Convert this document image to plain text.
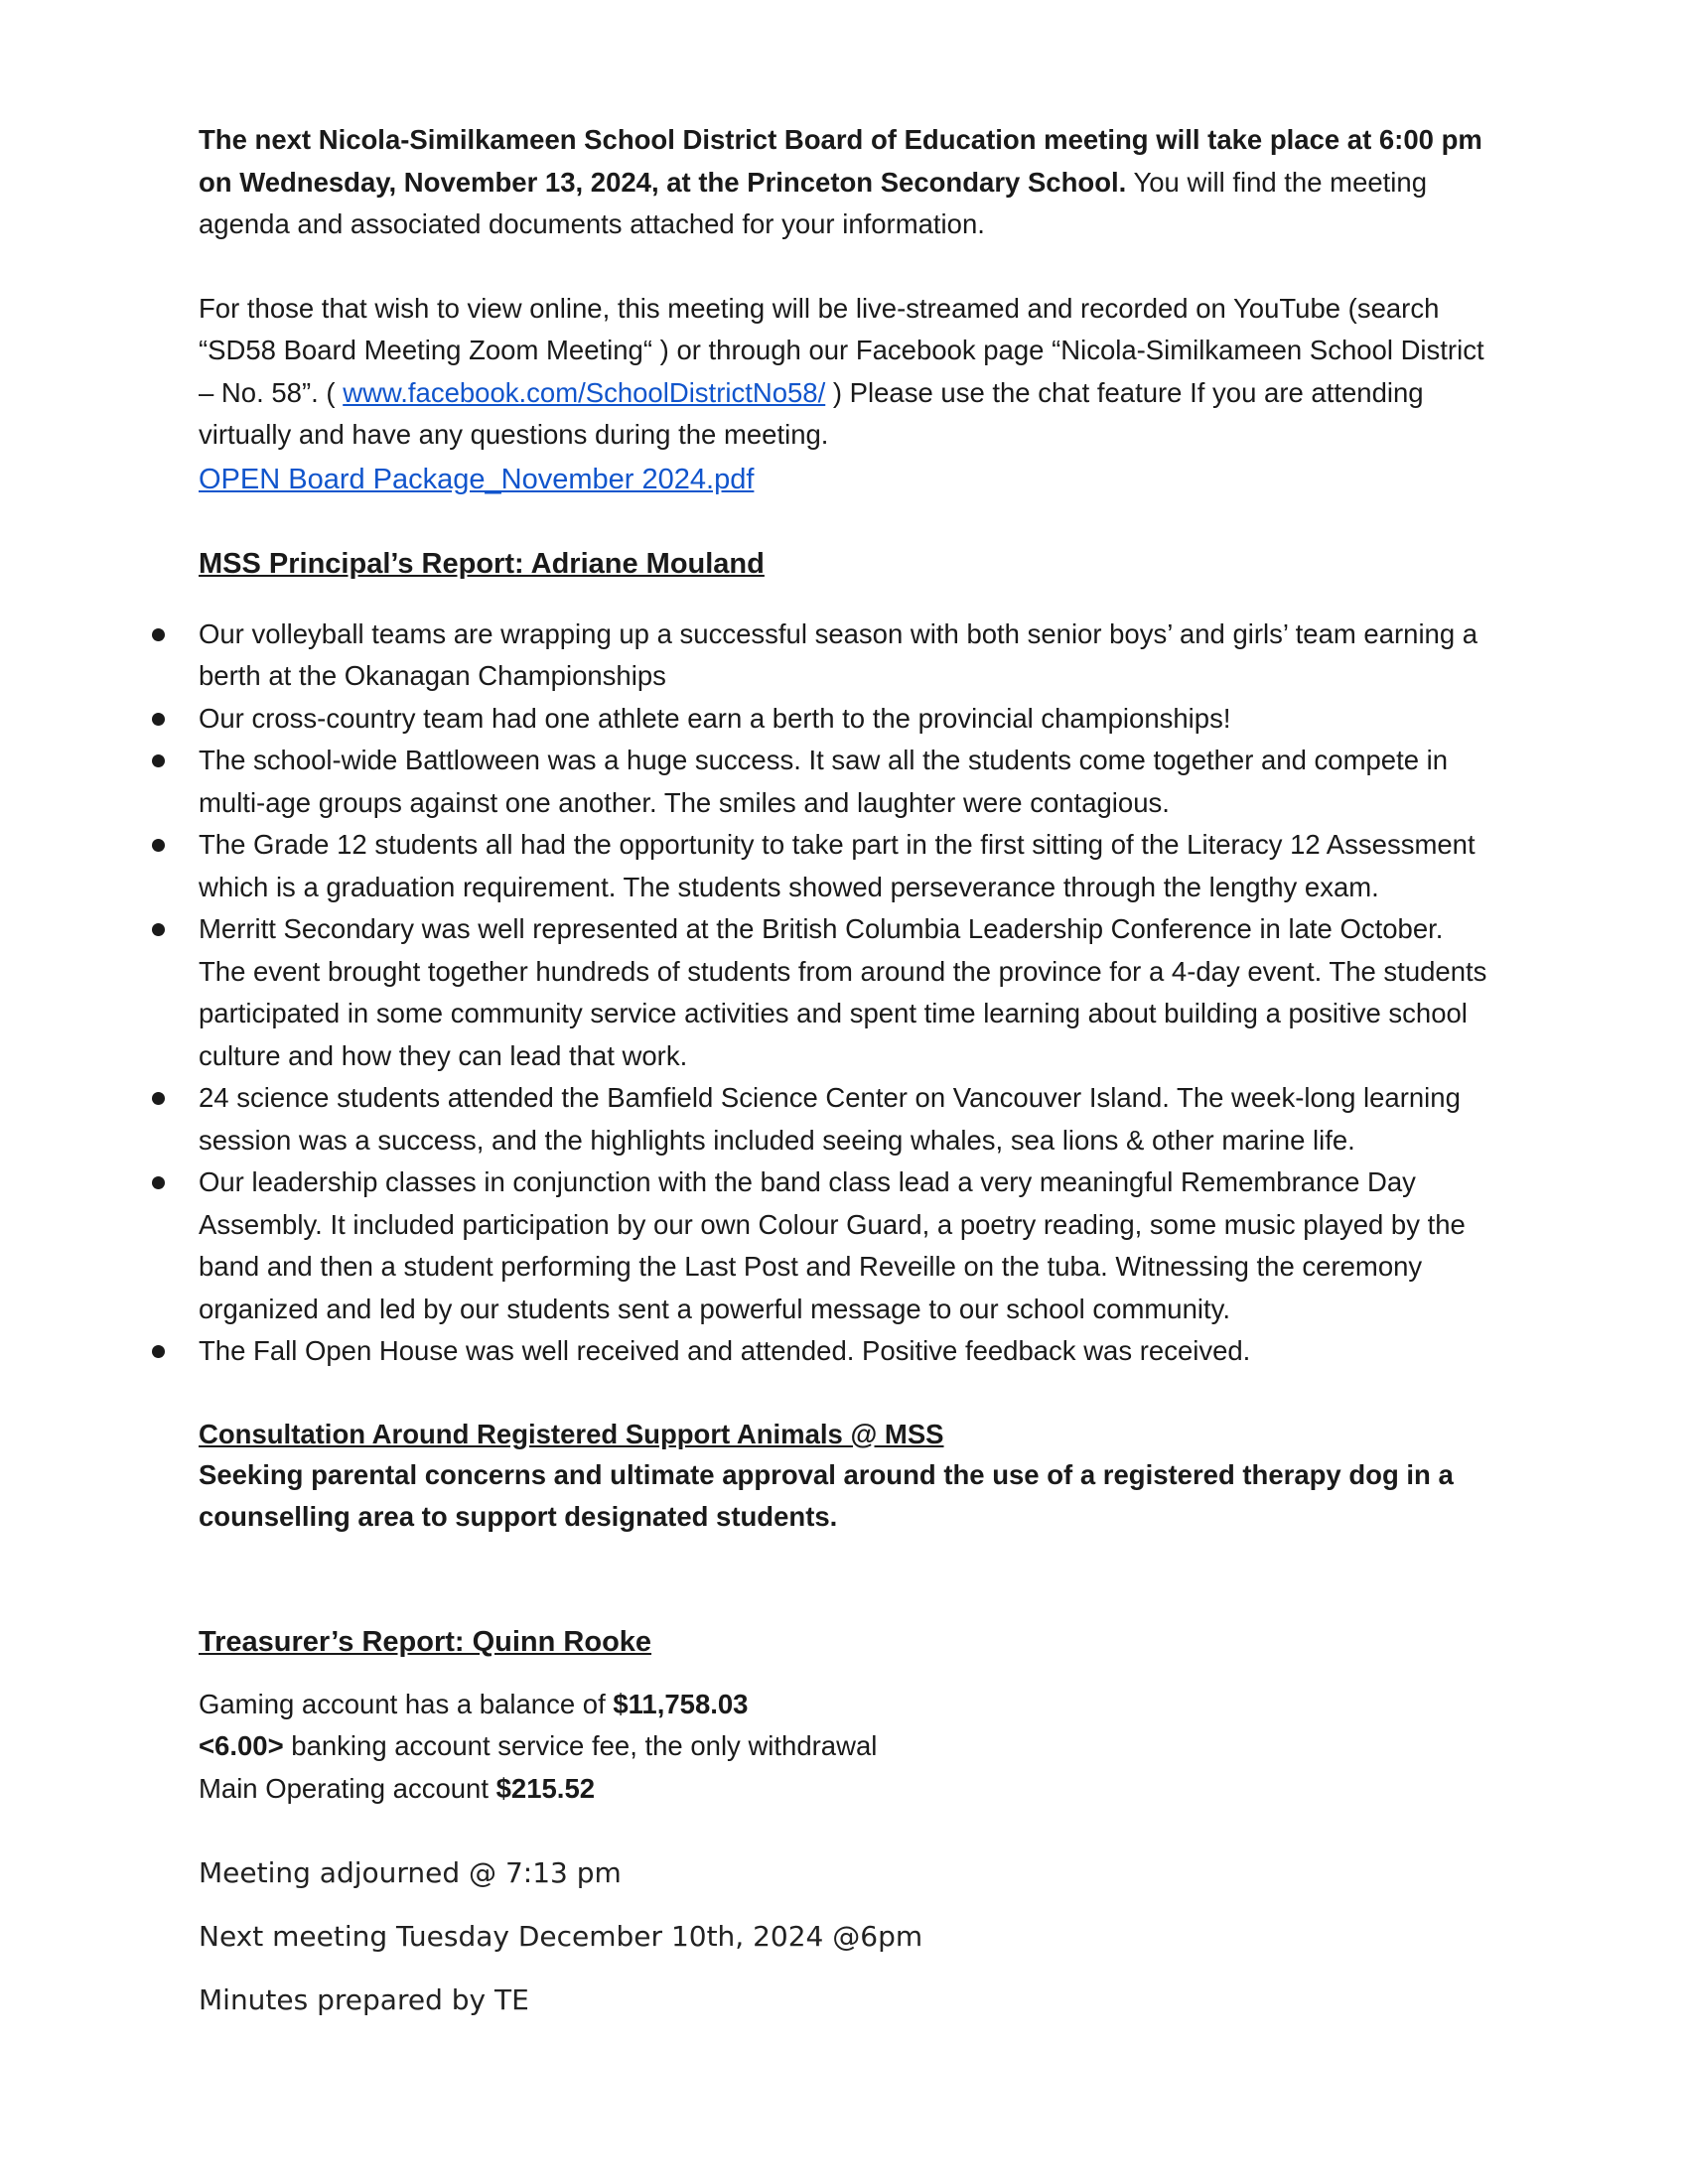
The next Nicola-Similkameen School District Board of Education meeting will take place at 6:00 pm on Wednesday, November 13, 2024, at the Princeton Secondary School. You will find the meeting agenda and associated documents attached for your information.

For those that wish to view online, this meeting will be live-streamed and recorded on YouTube (search “SD58 Board Meeting Zoom Meeting“ ) or through our Facebook page “Nicola-Similkameen School District – No. 58”. ( www.facebook.com/SchoolDistrictNo58/ ) Please use the chat feature If you are attending virtually and have any questions during the meeting.

OPEN Board Package_November 2024.pdf

MSS Principal’s Report: Adriane Mouland

Our volleyball teams are wrapping up a successful season with both senior boys’ and girls’ team earning a berth at the Okanagan Championships
Our cross-country team had one athlete earn a berth to the provincial championships!
The school-wide Battloween was a huge success. It saw all the students come together and compete in multi-age groups against one another. The smiles and laughter were contagious.
The Grade 12 students all had the opportunity to take part in the first sitting of the Literacy 12 Assessment which is a graduation requirement. The students showed perseverance through the lengthy exam.
Merritt Secondary was well represented at the British Columbia Leadership Conference in late October. The event brought together hundreds of students from around the province for a 4-day event. The students participated in some community service activities and spent time learning about building a positive school culture and how they can lead that work.
24 science students attended the Bamfield Science Center on Vancouver Island. The week-long learning session was a success, and the highlights included seeing whales, sea lions & other marine life.
Our leadership classes in conjunction with the band class lead a very meaningful Remembrance Day Assembly. It included participation by our own Colour Guard, a poetry reading, some music played by the band and then a student performing the Last Post and Reveille on the tuba. Witnessing the ceremony organized and led by our students sent a powerful message to our school community.
The Fall Open House was well received and attended. Positive feedback was received.

Consultation Around Registered Support Animals @ MSS

Seeking parental concerns and ultimate approval around the use of a registered therapy dog in a counselling area to support designated students.

Treasurer’s Report: Quinn Rooke

Gaming account has a balance of $11,758.03

<6.00> banking account service fee, the only withdrawal

Main Operating account $215.52

Meeting adjourned @ 7:13 pm

Next meeting Tuesday December 10th, 2024 @6pm

Minutes prepared by TE
